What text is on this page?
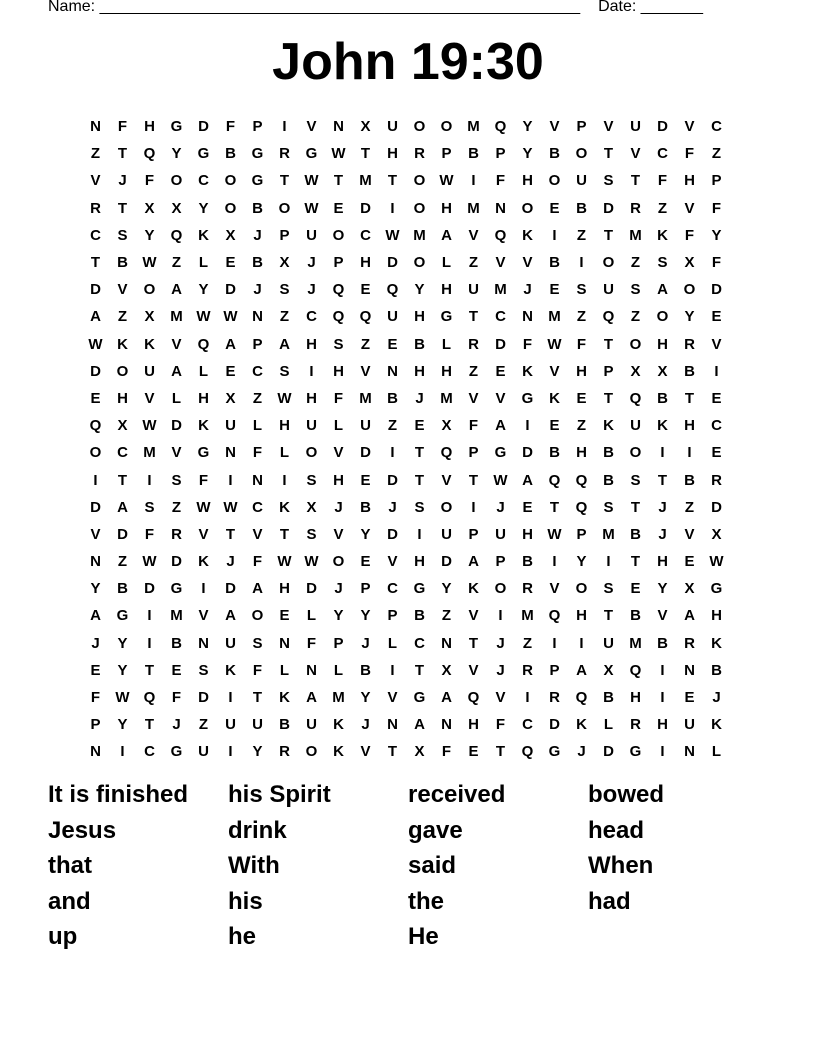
Name: ______________________________________________________ Date: _______
John 19:30
N	F	H	G	D	F	P	I	V	N	X	U	O	O M Q	Y	V	P	V	U	D	V	C
Z	T	Q	Y	G	B	G	R	G W	T	H	R	P	B	P	Y	B	O	T	V	C	F	Z
V	J	F	O	C	O	G	T	W	T	M	T	O W	I	F	H	O	U	S	T	F	H	P
R	T	X	X	Y	O	B	O W E	D	I	O	H	M	N	O	E	B	D	R	Z	V	F
C	S	Y	Q	K	X	J	P	U	O	C W M	A	V	Q	K	I	Z	T	M	K	F	Y
T	B W	Z	L	E	B	X	J	P	H	D	O	L	Z	V	V	B	I	O	Z	S	X	F
D	V	O	A	Y	D	J	S	J	Q	E	Q	Y	H	U	M	J	E	S	U	S	A	O	D
A	Z	X	M W W N	Z	C	Q	Q	U	H	G	T	C	N	M	Z	Q	Z	O	Y	E
W K	K	V	Q	A	P	A	H	S	Z	E	B	L	R	D	F	W	F	T	O	H	R	V
D	O	U	A	L	E	C	S	I	H	V	N	H	H	Z	E	K	V	H	P	X	X	B	I
E	H	V	L	H	X	Z	W H	F	M	B	J	M	V	V	G	K	E	T	Q	B	T	E
Q	X W D	K	U	L	H	U	L	U	Z	E	X	F	A	I	E	Z	K	U	K	H	C
O	C	M	V	G	N	F	L	O	V	D	I	T	Q	P	G	D	B	H	B	O	I	I	E
I	T	I	S	F	I	N	I	S	H	E	D	T	V	T	W A	Q	Q	B	S	T	B	R
D	A	S	Z	W W C	K	X	J	B	J	S	O	I	J	E	T	Q	S	T	J	Z	D
V	D	F	R	V	T	V	T	S	V	Y	D	I	U	P	U	H W P	M	B	J	V	X
N	Z	W D	K	J	F	W W O	E	V	H	D	A	P	B	I	Y	I	T	H	E W
Y	B	D	G	I	D	A	H	D	J	P	C	G	Y	K	O	R	V	O	S	E	Y	X	G
A	G	I	M	V	A	O	E	L	Y	Y	P	B	Z	V	I	M Q	H	T	B	V	A	H
J	Y	I	B	N	U	S	N	F	P	J	L	C	N	T	J	Z	I	I	U	M	B	R	K
E	Y	T	E	S	K	F	L	N	L	B	I	T	X	V	J	R	P	A	X	Q	I	N	B
F	W Q	F	D	I	T	K	A	M	Y	V	G	A	Q	V	I	R	Q	B	H	I	E	J
P	Y	T	J	Z	U	U	B	U	K	J	N	A	N	H	F	C	D	K	L	R	H	U	K
N	I	C	G	U	I	Y	R	O	K	V	T	X	F	E	T	Q	G	J	D	G	I	N	L
It is finished
Jesus
that
and
up
his Spirit
drink
With
his
he
received
gave
said
the
He
bowed
head
When
had
